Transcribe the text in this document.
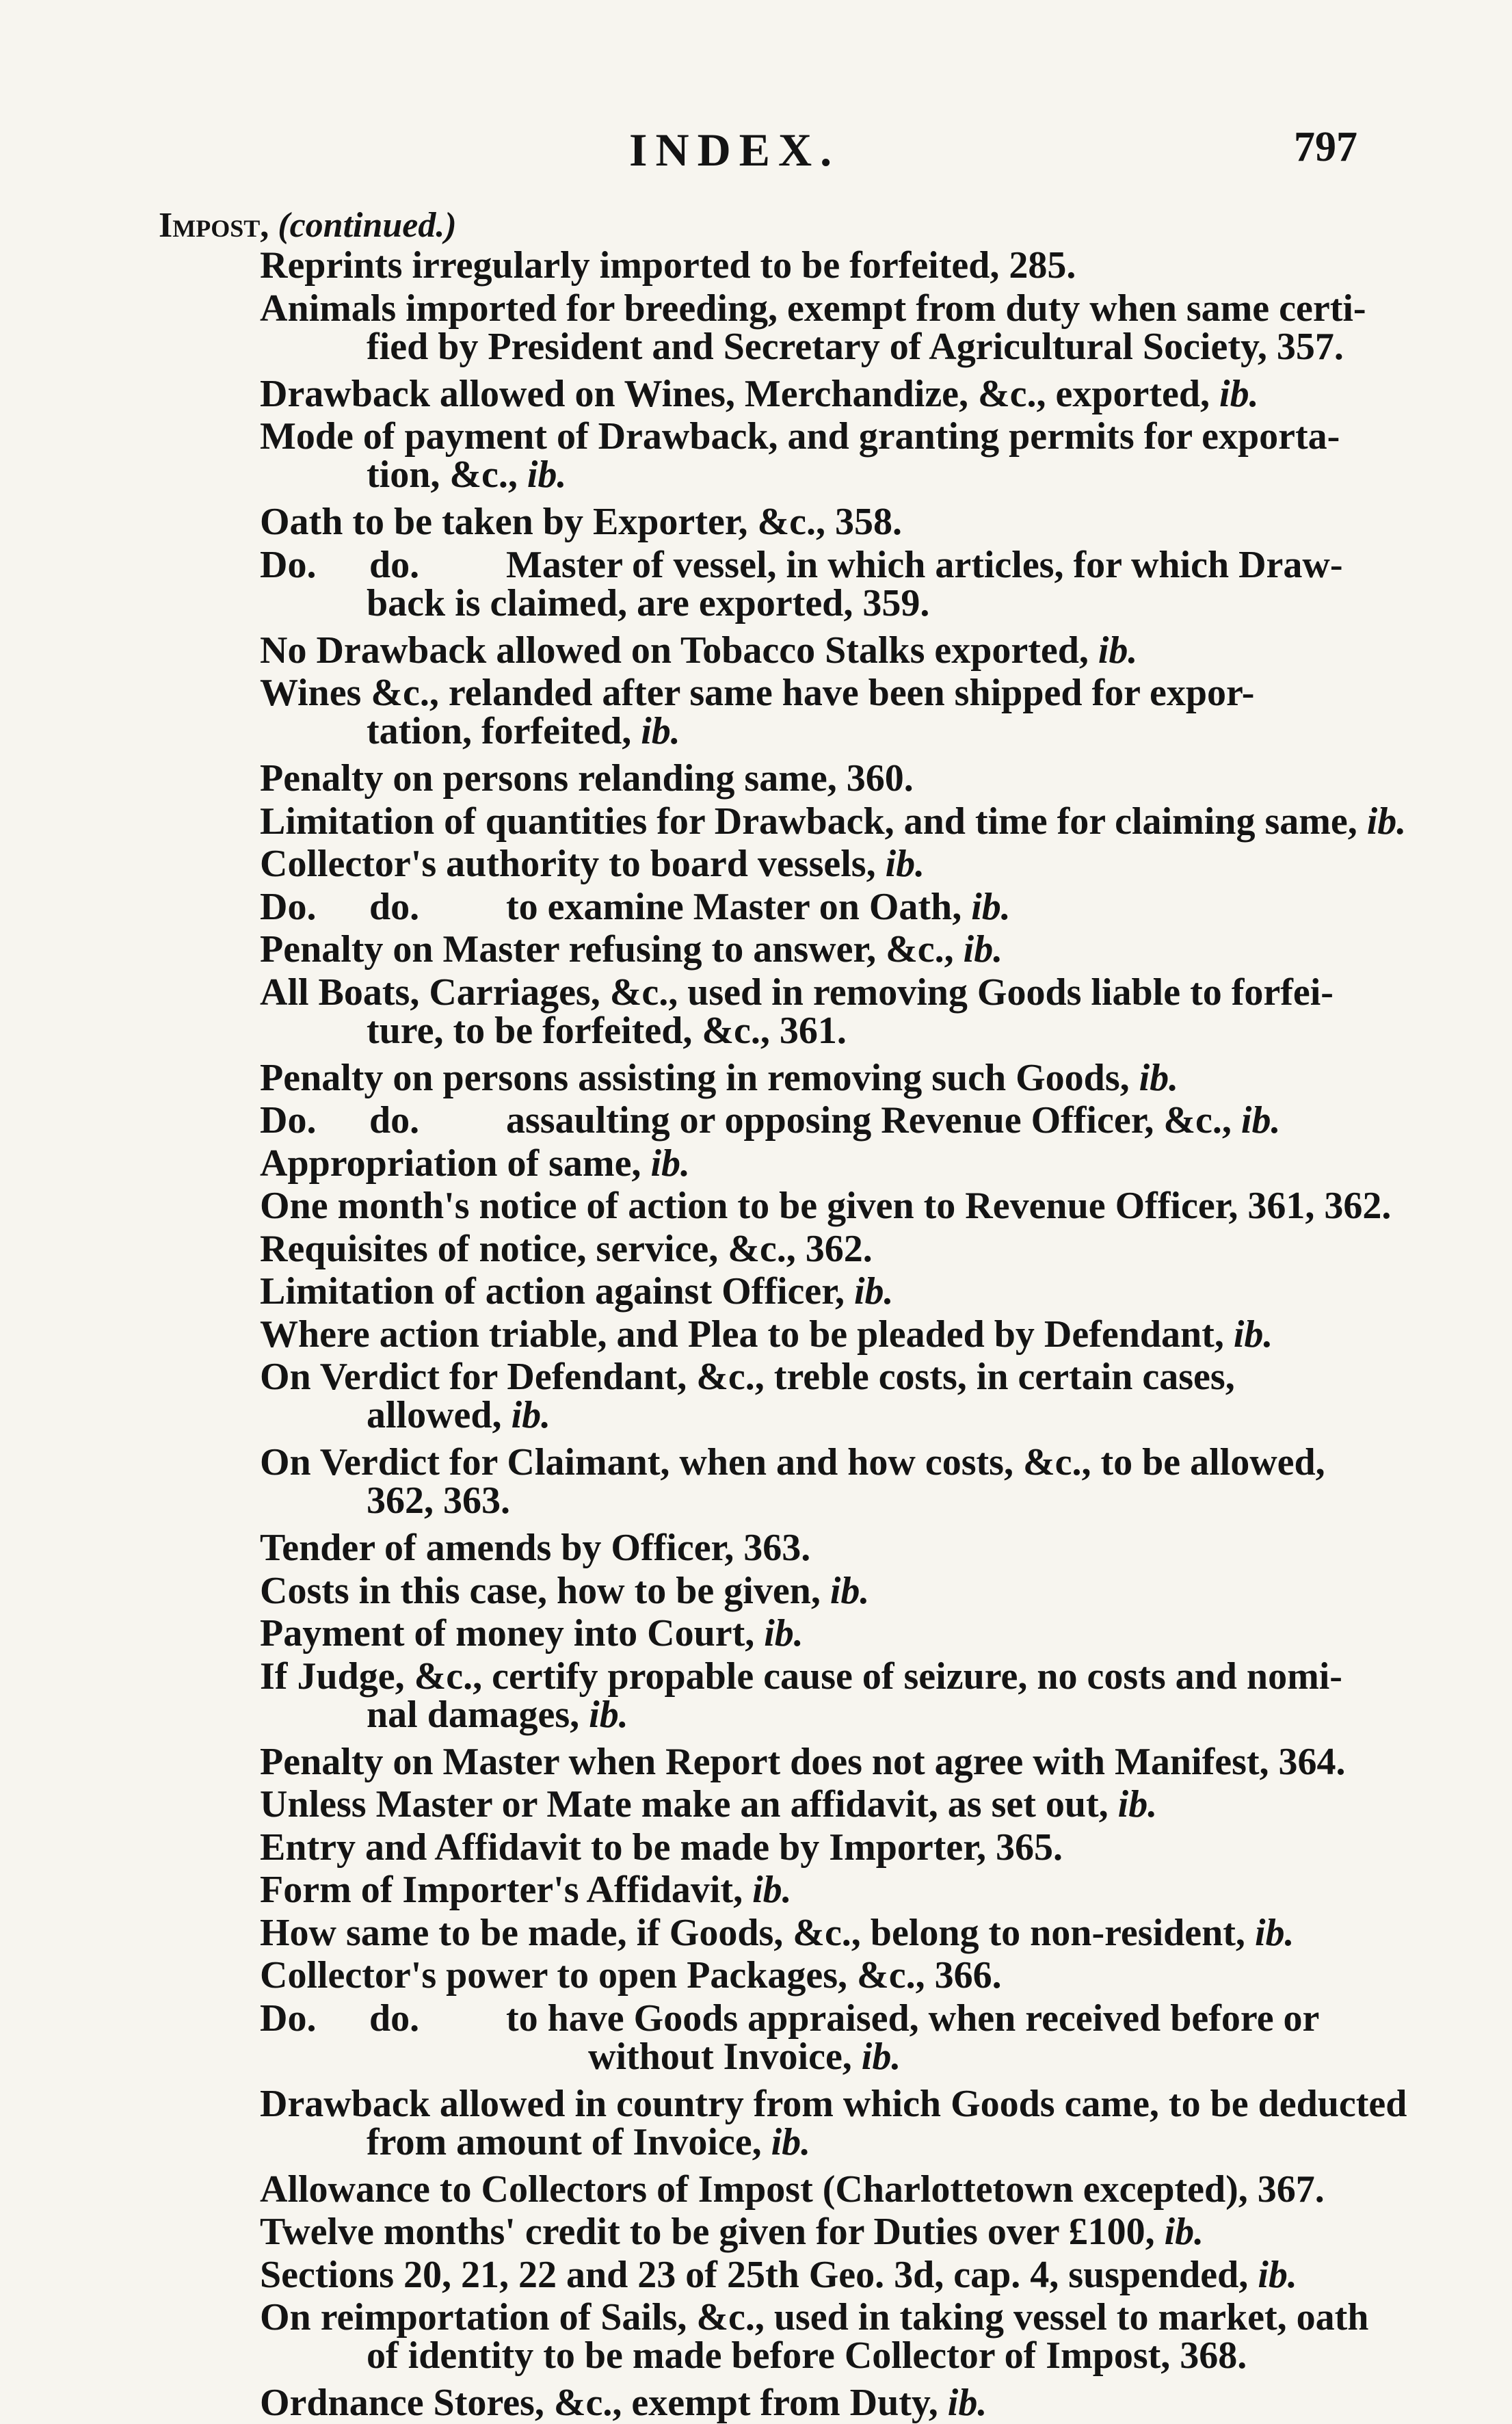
INDEX.	797
Impost, (continued.)
Reprints irregularly imported to be forfeited, 285.
Animals imported for breeding, exempt from duty when same certi-
fied by President and Secretary of Agricultural Society, 357.
Drawback allowed on Wines, Merchandize, &c., exported, ib.
Mode of payment of Drawback, and granting permits for exporta-
tion, &c., ib.
Oath to be taken by Exporter, &c., 358.
Do. do. Master of vessel, in which articles, for which Draw-
back is claimed, are exported, 359.
No Drawback allowed on Tobacco Stalks exported, ib.
Wines &c., relanded after same have been shipped for expor-
tation, forfeited, ib.
Penalty on persons relanding same, 360.
Limitation of quantities for Drawback, and time for claiming same, ib.
Collector's authority to board vessels, ib.
Do. do. to examine Master on Oath, ib.
Penalty on Master refusing to answer, &c., ib.
All Boats, Carriages, &c., used in removing Goods liable to forfei-
ture, to be forfeited, &c., 361.
Penalty on persons assisting in removing such Goods, ib.
Do. do. assaulting or opposing Revenue Officer, &c., ib.
Appropriation of same, ib.
One month's notice of action to be given to Revenue Officer, 361, 362.
Requisites of notice, service, &c., 362.
Limitation of action against Officer, ib.
Where action triable, and Plea to be pleaded by Defendant, ib.
On Verdict for Defendant, &c., treble costs, in certain cases,
allowed, ib.
On Verdict for Claimant, when and how costs, &c., to be allowed,
362, 363.
Tender of amends by Officer, 363.
Costs in this case, how to be given, ib.
Payment of money into Court, ib.
If Judge, &c., certify propable cause of seizure, no costs and nomi-
nal damages, ib.
Penalty on Master when Report does not agree with Manifest, 364.
Unless Master or Mate make an affidavit, as set out, ib.
Entry and Affidavit to be made by Importer, 365.
Form of Importer's Affidavit, ib.
How same to be made, if Goods, &c., belong to non-resident, ib.
Collector's power to open Packages, &c., 366.
Do. do. to have Goods appraised, when received before or
without Invoice, ib.
Drawback allowed in country from which Goods came, to be deducted
from amount of Invoice, ib.
Allowance to Collectors of Impost (Charlottetown excepted), 367.
Twelve months' credit to be given for Duties over £100, ib.
Sections 20, 21, 22 and 23 of 25th Geo. 3d, cap. 4, suspended, ib.
On reimportation of Sails, &c., used in taking vessel to market, oath
of identity to be made before Collector of Impost, 368.
Ordnance Stores, &c., exempt from Duty, ib.
